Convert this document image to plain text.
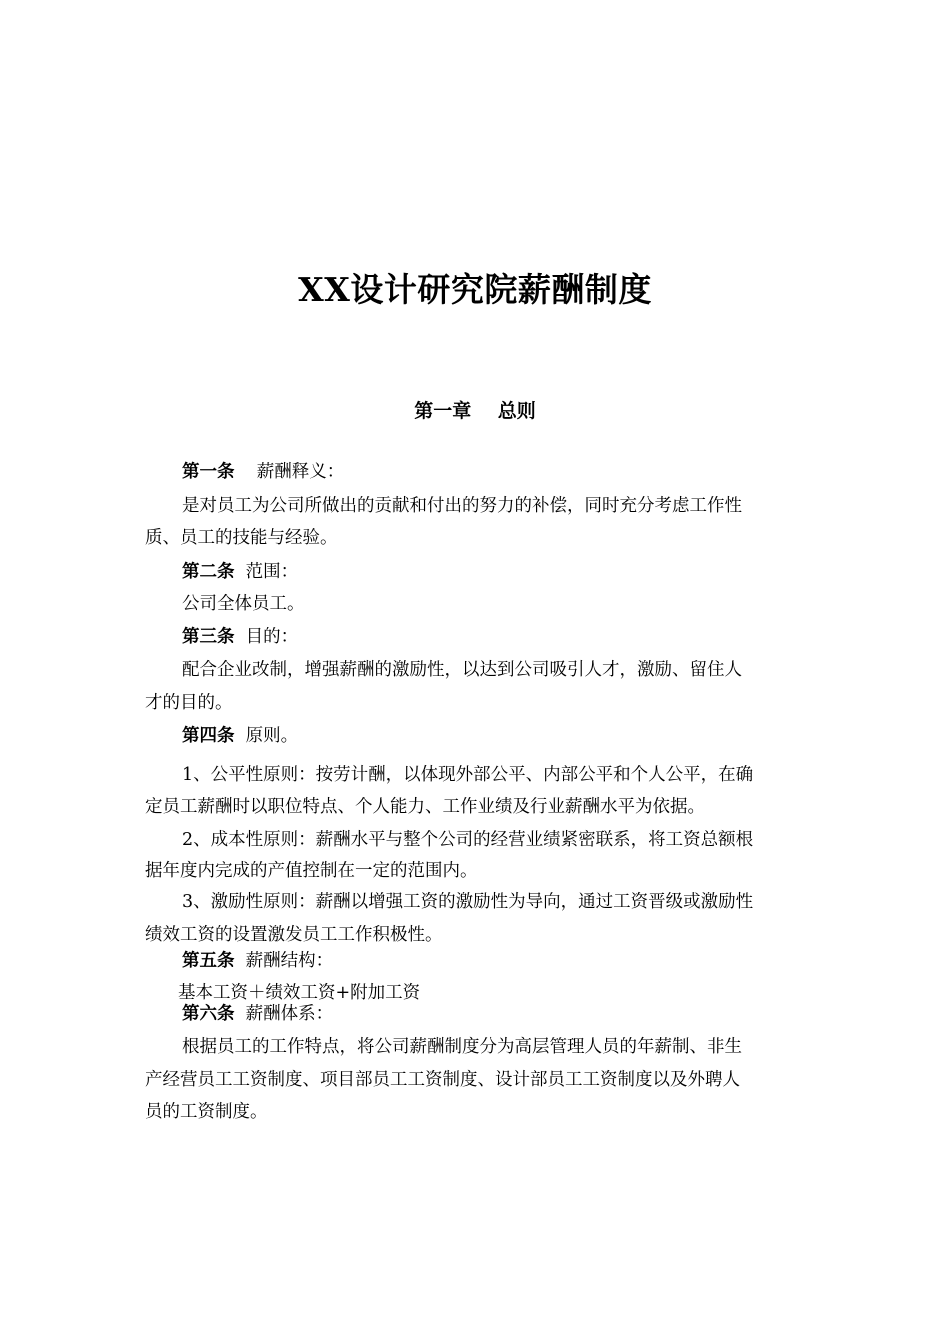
XX设计研究院薪酬制度
第一章    总则

第一条 薪酬释义：

是对员工为公司所做出的贡献和付出的努力的补偿，同时充分考虑工作性

质、员工的技能与经验。

第二条 范围：

公司全体员工。

第三条 目的：

配合企业改制，增强薪酬的激励性，以达到公司吸引人才，激励、留住人

才的目的。

第四条 原则。

1、公平性原则：按劳计酬，以体现外部公平、内部公平和个人公平，在确

定员工薪酬时以职位特点、个人能力、工作业绩及行业薪酬水平为依据。

2、成本性原则：薪酬水平与整个公司的经营业绩紧密联系，将工资总额根

据年度内完成的产值控制在一定的范围内。

3、激励性原则：薪酬以增强工资的激励性为导向，通过工资晋级或激励性

绩效工资的设置激发员工工作积极性。

第五条 薪酬结构：

基本工资＋绩效工资+附加工资

第六条 薪酬体系：

根据员工的工作特点，将公司薪酬制度分为高层管理人员的年薪制、非生

产经营员工工资制度、项目部员工工资制度、设计部员工工资制度以及外聘人

员的工资制度。
